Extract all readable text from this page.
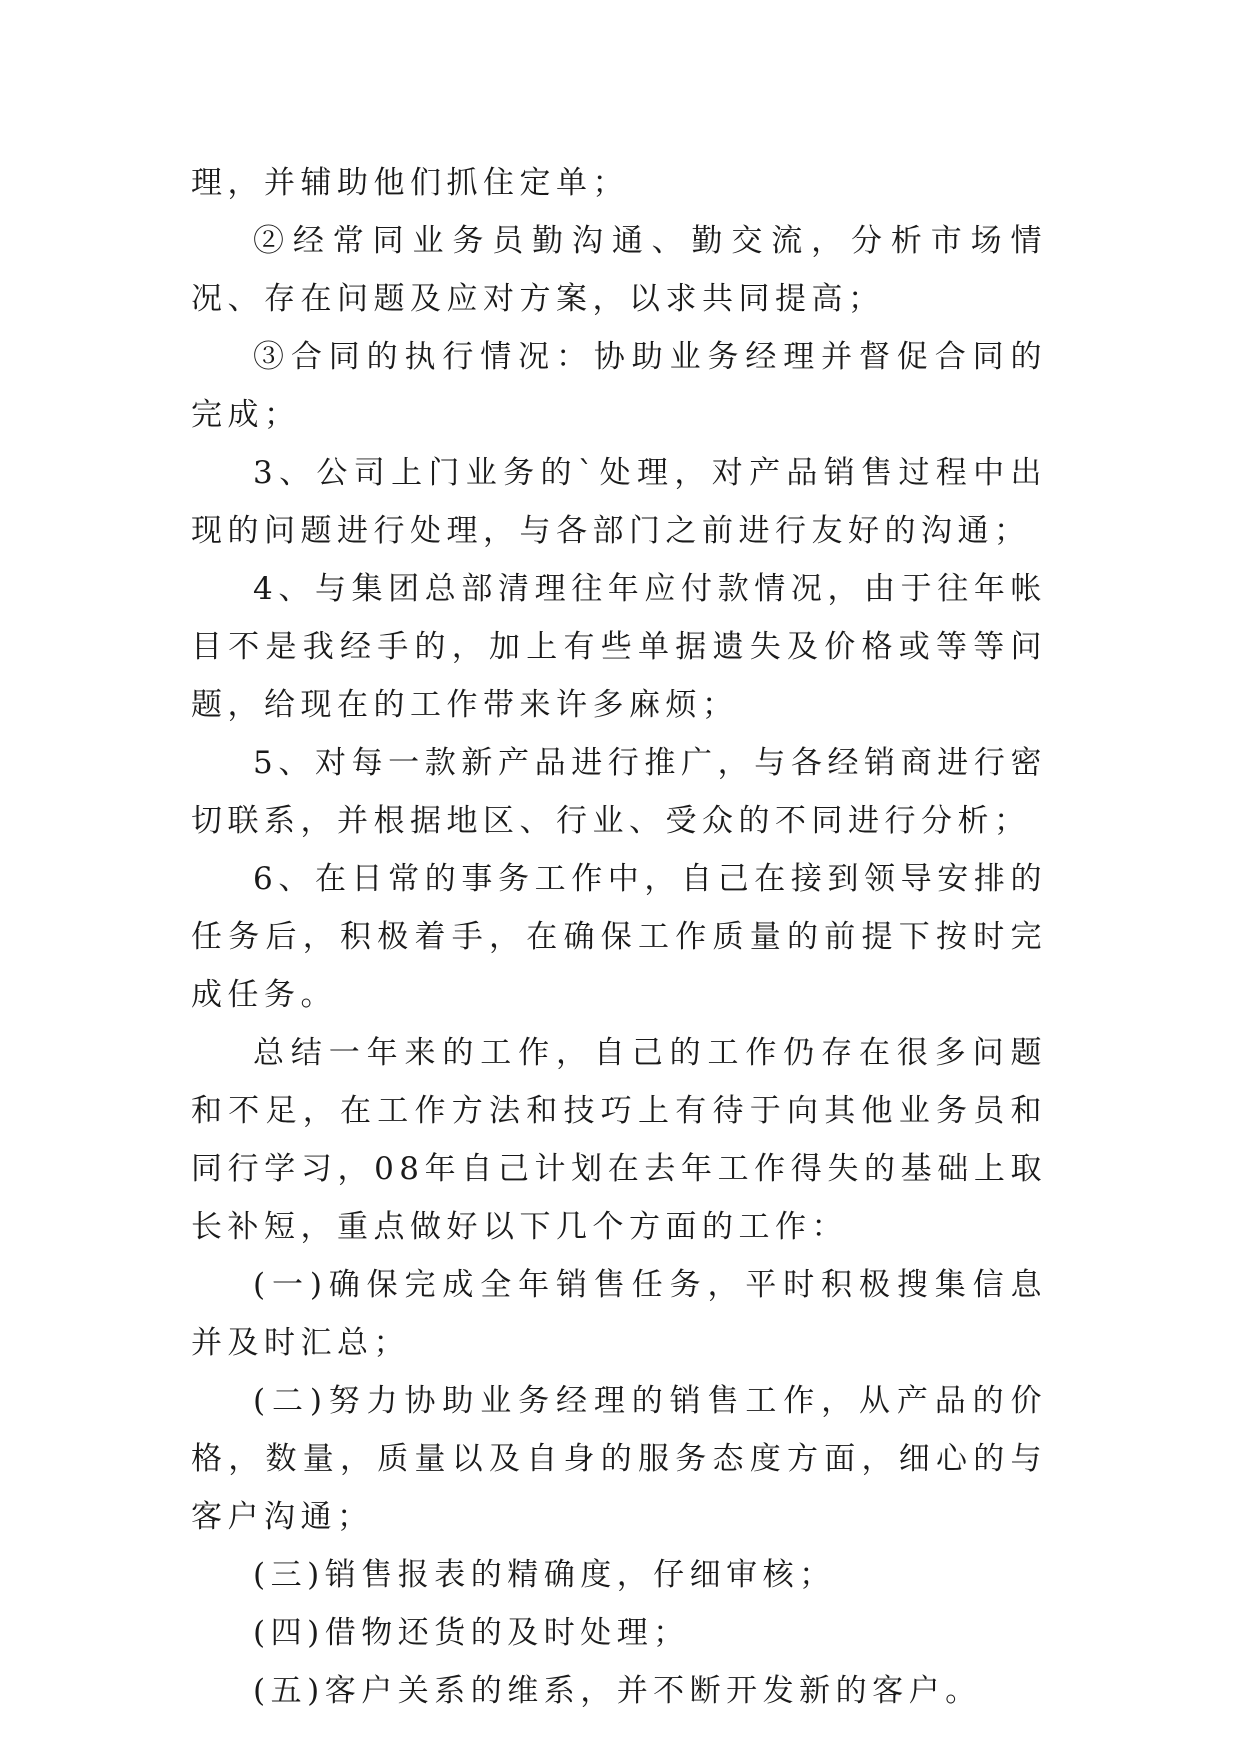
理，并辅助他们抓住定单；

②经常同业务员勤沟通、勤交流，分析市场情况、存在问题及应对方案，以求共同提高；

③合同的执行情况：协助业务经理并督促合同的完成；

3、公司上门业务的`处理，对产品销售过程中出现的问题进行处理，与各部门之前进行友好的沟通；

4、与集团总部清理往年应付款情况，由于往年帐目不是我经手的，加上有些单据遗失及价格或等等问题，给现在的工作带来许多麻烦；

5、对每一款新产品进行推广，与各经销商进行密切联系，并根据地区、行业、受众的不同进行分析；

6、在日常的事务工作中，自己在接到领导安排的任务后，积极着手，在确保工作质量的前提下按时完成任务。

总结一年来的工作，自己的工作仍存在很多问题和不足，在工作方法和技巧上有待于向其他业务员和同行学习，08年自己计划在去年工作得失的基础上取长补短，重点做好以下几个方面的工作：

(一)确保完成全年销售任务，平时积极搜集信息并及时汇总；

(二)努力协助业务经理的销售工作，从产品的价格，数量，质量以及自身的服务态度方面，细心的与客户沟通；

(三)销售报表的精确度，仔细审核；

(四)借物还货的及时处理；

(五)客户关系的维系，并不断开发新的客户。
